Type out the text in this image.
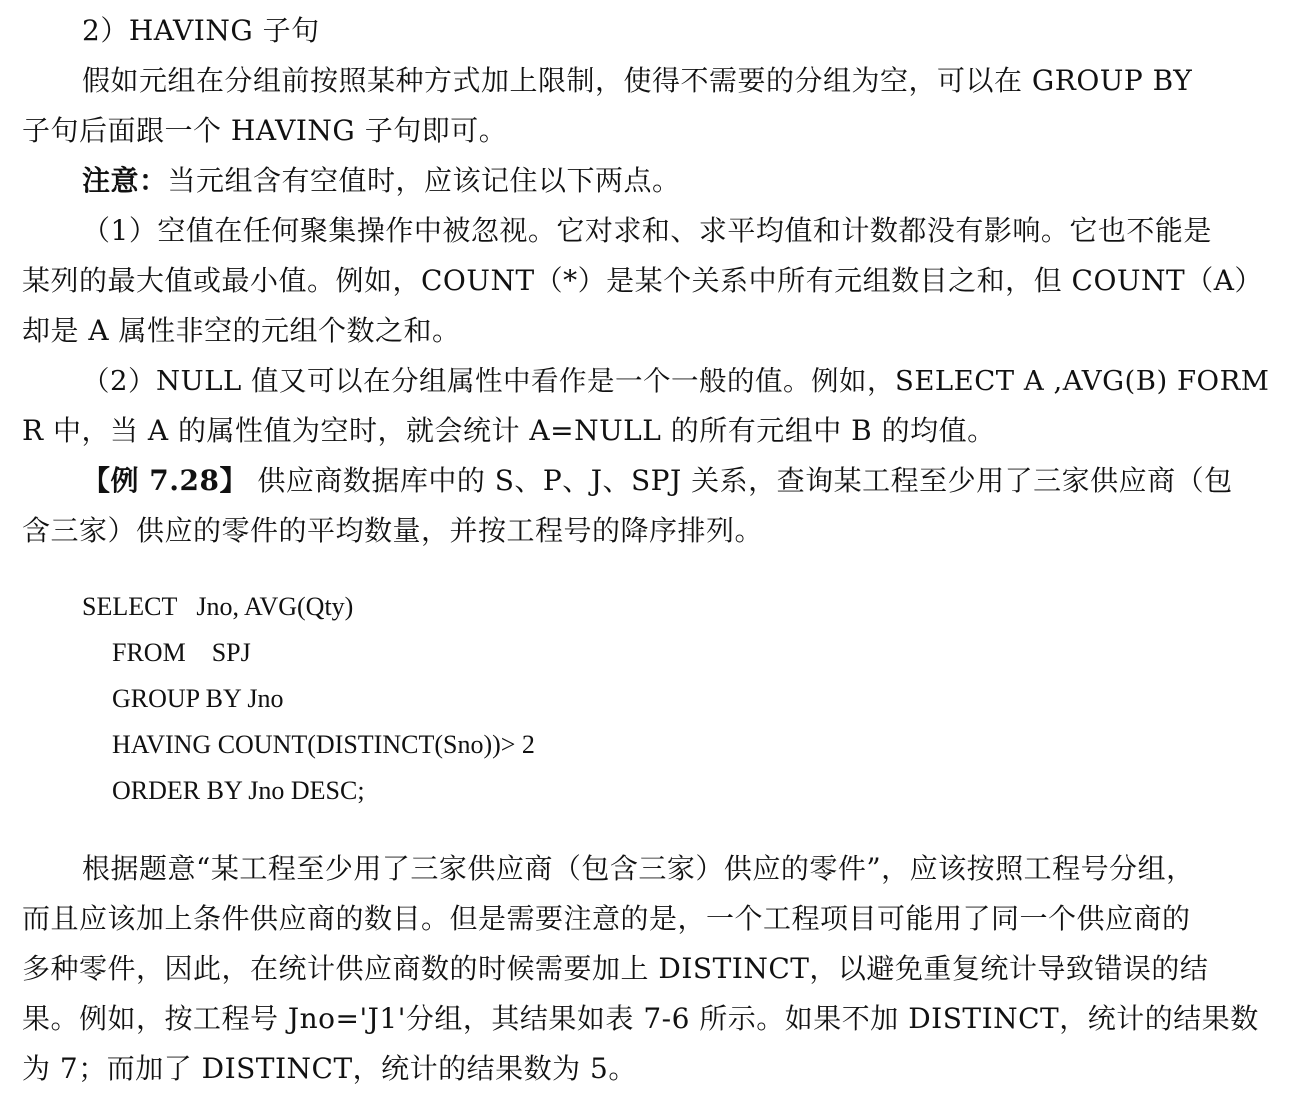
2）HAVING 子句
假如元组在分组前按照某种方式加上限制，使得不需要的分组为空，可以在 GROUP BY
子句后面跟一个 HAVING 子句即可。
注意：当元组含有空值时，应该记住以下两点。
（1）空值在任何聚集操作中被忽视。它对求和、求平均值和计数都没有影响。它也不能是
某列的最大值或最小值。例如，COUNT（*）是某个关系中所有元组数目之和，但 COUNT（A）
却是 A 属性非空的元组个数之和。
（2）NULL 值又可以在分组属性中看作是一个一般的值。例如，SELECT A ,AVG(B) FORM
R 中，当 A 的属性值为空时，就会统计 A=NULL 的所有元组中 B 的均值。
【例 7.28】 供应商数据库中的 S、P、J、SPJ 关系，查询某工程至少用了三家供应商（包
含三家）供应的零件的平均数量，并按工程号的降序排列。
SELECT   Jno, AVG(Qty)
FROM    SPJ
GROUP BY Jno
HAVING COUNT(DISTINCT(Sno))> 2
ORDER BY Jno DESC;
根据题意“某工程至少用了三家供应商（包含三家）供应的零件”，应该按照工程号分组，
而且应该加上条件供应商的数目。但是需要注意的是，一个工程项目可能用了同一个供应商的
多种零件，因此，在统计供应商数的时候需要加上 DISTINCT，以避免重复统计导致错误的结
果。例如，按工程号 Jno='J1'分组，其结果如表 7-6 所示。如果不加 DISTINCT，统计的结果数
为 7；而加了 DISTINCT，统计的结果数为 5。
